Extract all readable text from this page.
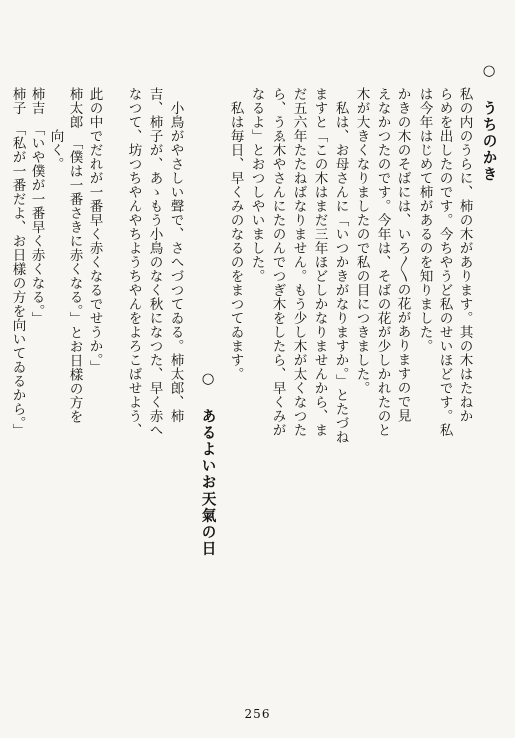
○ うちのかき
私の内のうらに、柿の木があります。其の木はたねか
らめを出したのです。今ちやうど私のせいほどです。私
は今年はじめて柿があるのを知りました。
かきの木のそばには、いろ〳〵の花がありますので見
えなかつたのです。今年は、そばの花が少しかれたのと
木が大きくなりましたので私の目につきました。
　私は、お母さんに「いつかきがなりますか。」とたづね
ますと「この木はまだ三年ほどしかなりませんから、ま
だ五六年たたねばなりません。もう少し木が太くなつた
ら、うゑ木やさんにたのんでつぎ木をしたら、早くみが
なるよ」とおつしやいました。
　私は毎日、早くみのなるのをまつてゐます。
○ あるよいお天氣の日
　小鳥がやさしい聲で、さへづつてゐる。柿太郎、柿
吉、柿子が、あゝもう小鳥のなく秋になつた、早く赤へ
なつて、坊つちやんやちようちやんをよろこばせよう、
此の中でだれが一番早く赤くなるでせうか。」
柿太郎　「僕は一番さきに赤くなる。」とお日樣の方を
　　　向く。
柿吉　「いや僕が一番早く赤くなる。」
柿子　「私が一番だよ、お日樣の方を向いてゐるから。」
256
